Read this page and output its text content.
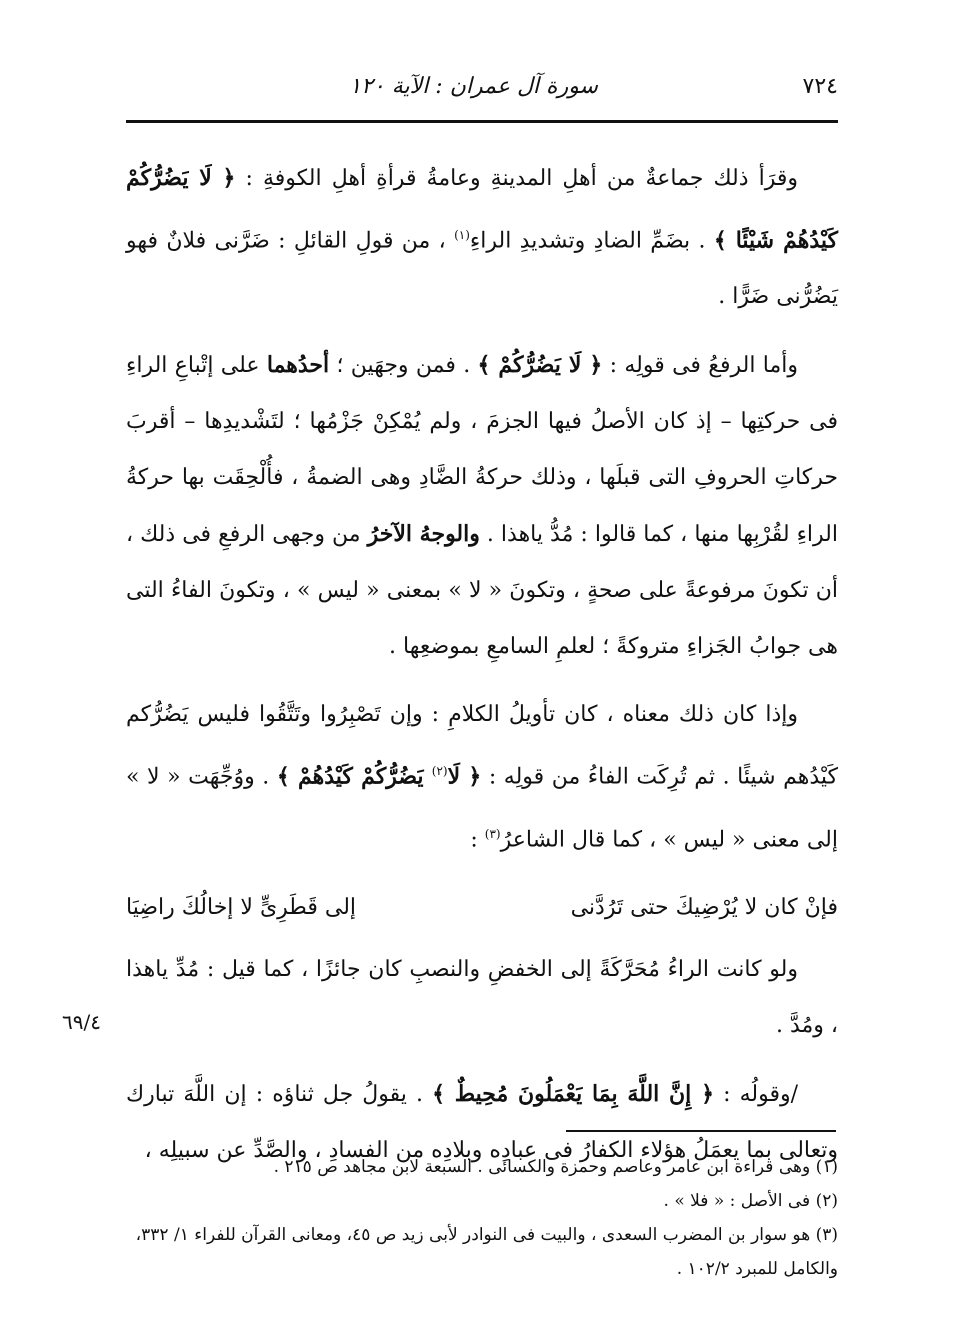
٧٢٤
سورة آل عمران : الآية ١٢٠

وقرَأ ذلك جماعةٌ من أهلِ المدينةِ وعامةُ قرأةِ أهلِ الكوفةِ : ﴿ لَا يَضُرُّكُمْ كَيْدُهُمْ شَيْئًا ﴾ . بضَمِّ الضادِ وتشديدِ الراءِ$^{(١)}$ ، من قولِ القائلِ : ضَرَّنى فلانٌ فهو يَضُرُّنى ضَرًّا .

وأما الرفعُ فى قولِه : ﴿ لَا يَضُرُّكُمْ ﴾ . فمن وجهَين ؛ أحدُهما على إتْباعِ الراءِ فى حركتِها – إذ كان الأصلُ فيها الجزمَ ، ولم يُمْكِنْ جَزْمُها ؛ لتَشْديدِها – أقربَ حركاتِ الحروفِ التى قبلَها ، وذلك حركةُ الضَّادِ وهى الضمةُ ، فأُلْحِقَت بها حركةُ الراءِ لقُرْبِها منها ، كما قالوا : مُدُّ ياهذا . والوجهُ الآخرُ من وجهى الرفعِ فى ذلك ، أن تكونَ مرفوعةً على صحةٍ ، وتكونَ « لا » بمعنى « ليس » ، وتكونَ الفاءُ التى هى جوابُ الجَزاءِ متروكةً ؛ لعلمِ السامعِ بموضعِها .

وإذا كان ذلك معناه ، كان تأويلُ الكلامِ : وإن تَصْبِرُوا وتَتَّقُوا فليس يَضُرُّكم كَيْدُهم شيئًا . ثم تُرِكَت الفاءُ من قولِه : ﴿ لَا$^{(٢)}$ يَضُرُّكُمْ كَيْدُهُمْ ﴾ . ووُجِّهَت « لا » إلى معنى « ليس » ، كما قال الشاعرُ$^{(٣)}$ :

فإنْ كان لا يُرْضِيكَ حتى تَرُدَّنى
إلى قَطَرِىٍّ لا إخالُكَ راضِيَا

ولو كانت الراءُ مُحَرَّكَةً إلى الخفضِ والنصبِ كان جائزًا ، كما قيل : مُدِّ ياهذا ، ومُدَّ .

/وقولُه : ﴿ إِنَّ اللَّهَ بِمَا يَعْمَلُونَ مُحِيطٌ ﴾ . يقولُ جل ثناؤه : إن اللَّهَ تبارك وتعالى بما يعمَلُ هؤلاء الكفارُ فى عبادِه وبلادِه من الفسادِ ، والصَّدِّ عن سبيلِه ،

٦٩/٤

(١) وهى قراءة ابن عامر وعاصم وحمزة والكسائى . السبعة لابن مجاهد ص ٢١٥ .

(٢) فى الأصل : « فلا » .

(٣) هو سوار بن المضرب السعدى ، والبيت فى النوادر لأبى زيد ص ٤٥، ومعانى القرآن للفراء ١/ ٣٣٢، والكامل للمبرد ١٠٢/٢ .
